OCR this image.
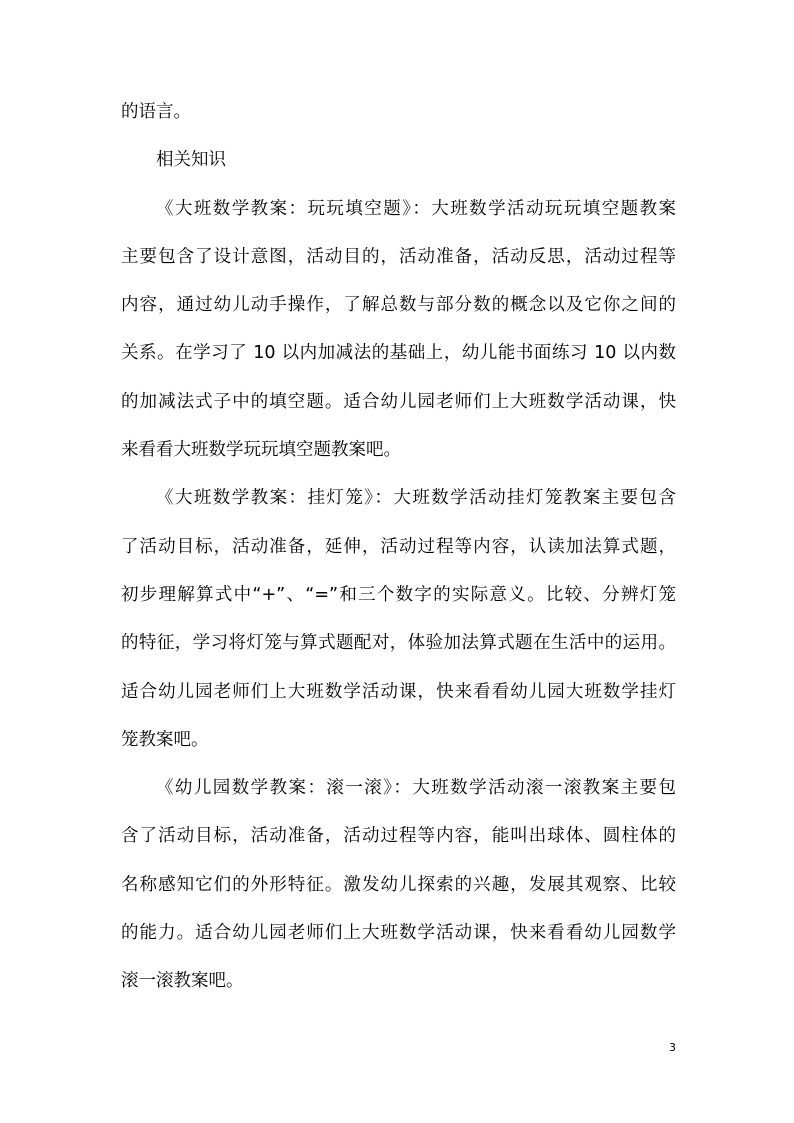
的语言。
相关知识
《大班数学教案：玩玩填空题》：大班数学活动玩玩填空题教案
主要包含了设计意图，活动目的，活动准备，活动反思，活动过程等
内容，通过幼儿动手操作，了解总数与部分数的概念以及它你之间的
关系。在学习了 10 以内加减法的基础上，幼儿能书面练习 10 以内数
的加减法式子中的填空题。适合幼儿园老师们上大班数学活动课，快
来看看大班数学玩玩填空题教案吧。
《大班数学教案：挂灯笼》：大班数学活动挂灯笼教案主要包含
了活动目标，活动准备，延伸，活动过程等内容，认读加法算式题，
初步理解算式中“+”、“=”和三个数字的实际意义。比较、分辨灯笼
的特征，学习将灯笼与算式题配对，体验加法算式题在生活中的运用。
适合幼儿园老师们上大班数学活动课，快来看看幼儿园大班数学挂灯
笼教案吧。
《幼儿园数学教案：滚一滚》：大班数学活动滚一滚教案主要包
含了活动目标，活动准备，活动过程等内容，能叫出球体、圆柱体的
名称感知它们的外形特征。激发幼儿探索的兴趣，发展其观察、比较
的能力。适合幼儿园老师们上大班数学活动课，快来看看幼儿园数学
滚一滚教案吧。
3
